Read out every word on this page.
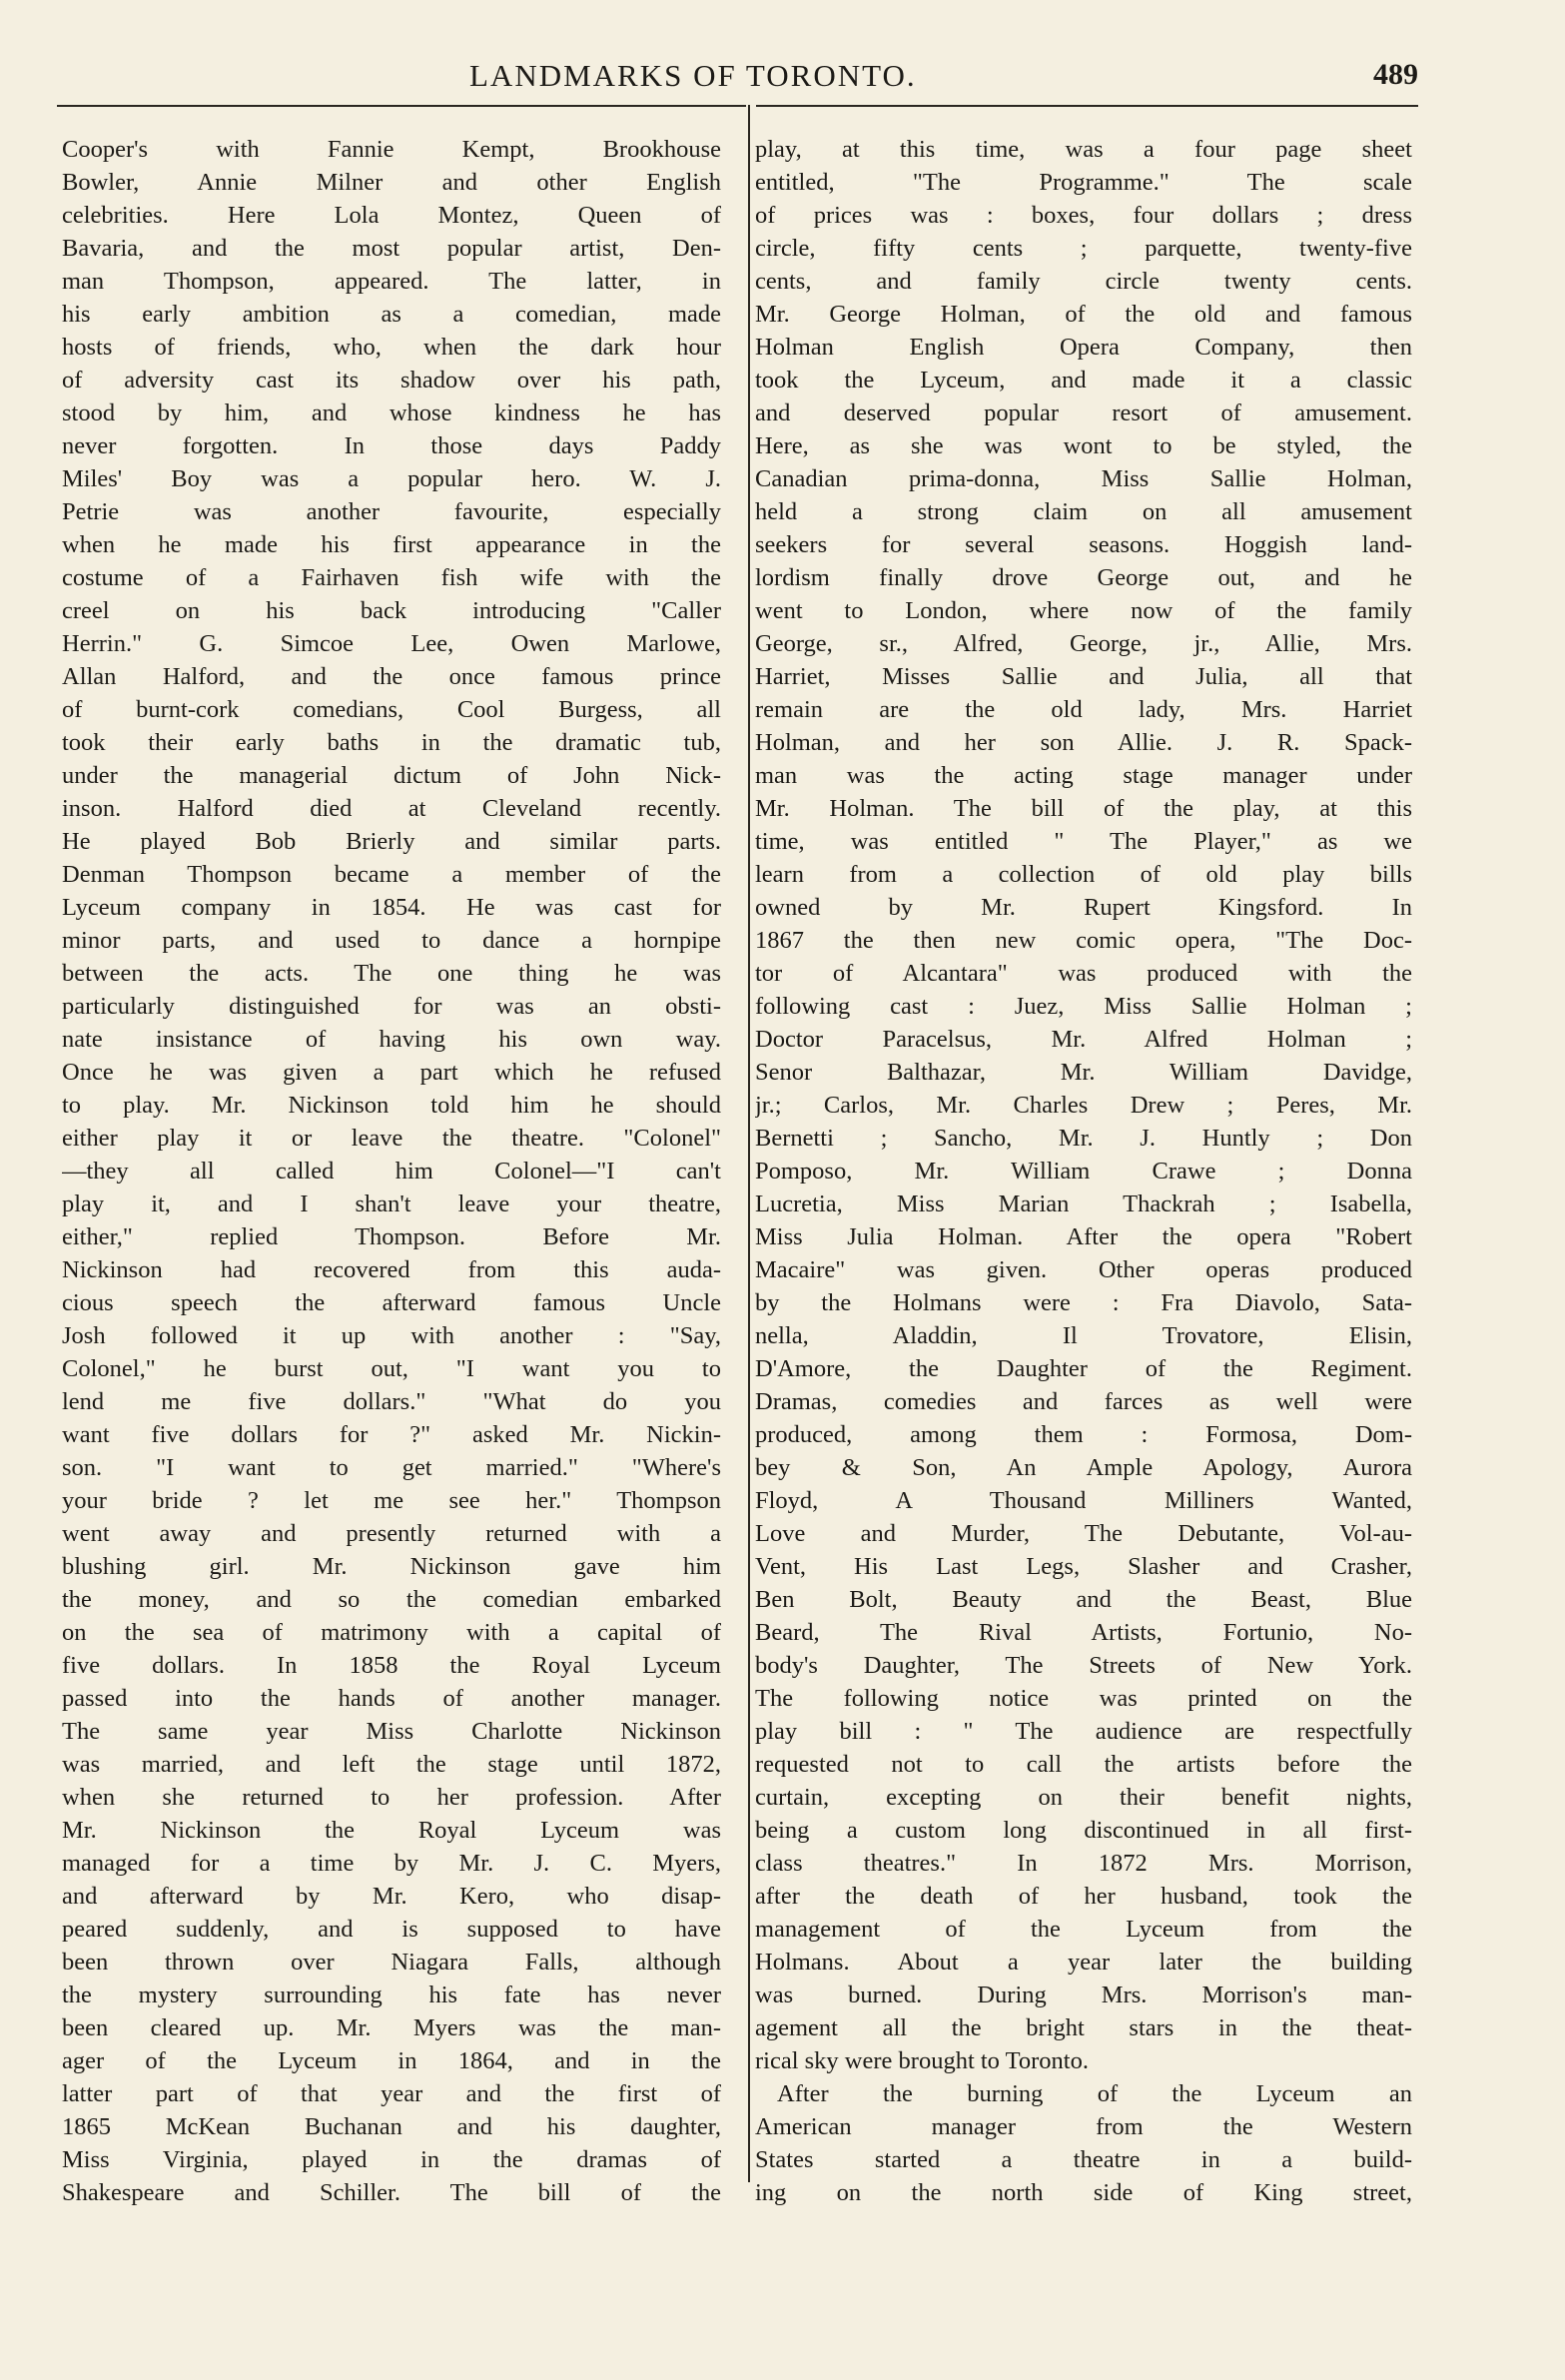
LANDMARKS OF TORONTO.	489
Cooper's with Fannie Kempt, Brookhouse
Bowler, Annie Milner and other English
celebrities. Here Lola Montez, Queen of
Bavaria, and the most popular artist, Den-
man Thompson, appeared. The latter, in
his early ambition as a comedian, made
hosts of friends, who, when the dark hour
of adversity cast its shadow over his path,
stood by him, and whose kindness he has
never forgotten. In those days Paddy
Miles' Boy was a popular hero. W. J.
Petrie was another favourite, especially
when he made his first appearance in the
costume of a Fairhaven fish wife with the
creel on his back introducing "Caller
Herrin." G. Simcoe Lee, Owen Marlowe,
Allan Halford, and the once famous prince
of burnt-cork comedians, Cool Burgess, all
took their early baths in the dramatic tub,
under the managerial dictum of John Nick-
inson. Halford died at Cleveland recently.
He played Bob Brierly and similar parts.
Denman Thompson became a member of the
Lyceum company in 1854. He was cast for
minor parts, and used to dance a hornpipe
between the acts. The one thing he was
particularly distinguished for was an obsti-
nate insistance of having his own way.
Once he was given a part which he refused
to play. Mr. Nickinson told him he should
either play it or leave the theatre. "Colonel"
—they all called him Colonel—"I can't
play it, and I shan't leave your theatre,
either," replied Thompson. Before Mr.
Nickinson had recovered from this auda-
cious speech the afterward famous Uncle
Josh followed it up with another : "Say,
Colonel," he burst out, "I want you to
lend me five dollars." "What do you
want five dollars for ?" asked Mr. Nickin-
son. "I want to get married." "Where's
your bride ? let me see her." Thompson
went away and presently returned with a
blushing girl. Mr. Nickinson gave him
the money, and so the comedian embarked
on the sea of matrimony with a capital of
five dollars. In 1858 the Royal Lyceum
passed into the hands of another manager.
The same year Miss Charlotte Nickinson
was married, and left the stage until 1872,
when she returned to her profession. After
Mr. Nickinson the Royal Lyceum was
managed for a time by Mr. J. C. Myers,
and afterward by Mr. Kero, who disap-
peared suddenly, and is supposed to have
been thrown over Niagara Falls, although
the mystery surrounding his fate has never
been cleared up. Mr. Myers was the man-
ager of the Lyceum in 1864, and in the
latter part of that year and the first of
1865 McKean Buchanan and his daughter,
Miss Virginia, played in the dramas of
Shakespeare and Schiller. The bill of the
play, at this time, was a four page sheet
entitled, "The Programme." The scale
of prices was : boxes, four dollars ; dress
circle, fifty cents ; parquette, twenty-five
cents, and family circle twenty cents.
Mr. George Holman, of the old and famous
Holman English Opera Company, then
took the Lyceum, and made it a classic
and deserved popular resort of amusement.
Here, as she was wont to be styled, the
Canadian prima-donna, Miss Sallie Holman,
held a strong claim on all amusement
seekers for several seasons. Hoggish land-
lordism finally drove George out, and he
went to London, where now of the family
George, sr., Alfred, George, jr., Allie, Mrs.
Harriet, Misses Sallie and Julia, all that
remain are the old lady, Mrs. Harriet
Holman, and her son Allie. J. R. Spack-
man was the acting stage manager under
Mr. Holman. The bill of the play, at this
time, was entitled " The Player," as we
learn from a collection of old play bills
owned by Mr. Rupert Kingsford. In
1867 the then new comic opera, "The Doc-
tor of Alcantara" was produced with the
following cast : Juez, Miss Sallie Holman ;
Doctor Paracelsus, Mr. Alfred Holman ;
Senor Balthazar, Mr. William Davidge,
jr.; Carlos, Mr. Charles Drew ; Peres, Mr.
Bernetti ; Sancho, Mr. J. Huntly ; Don
Pomposo, Mr. William Crawe ; Donna
Lucretia, Miss Marian Thackrah ; Isabella,
Miss Julia Holman. After the opera "Robert
Macaire" was given. Other operas produced
by the Holmans were : Fra Diavolo, Sata-
nella, Aladdin, Il Trovatore, Elisin,
D'Amore, the Daughter of the Regiment.
Dramas, comedies and farces as well were
produced, among them : Formosa, Dom-
bey & Son, An Ample Apology, Aurora
Floyd, A Thousand Milliners Wanted,
Love and Murder, The Debutante, Vol-au-
Vent, His Last Legs, Slasher and Crasher,
Ben Bolt, Beauty and the Beast, Blue
Beard, The Rival Artists, Fortunio, No-
body's Daughter, The Streets of New York.
The following notice was printed on the
play bill : " The audience are respectfully
requested not to call the artists before the
curtain, excepting on their benefit nights,
being a custom long discontinued in all first-
class theatres." In 1872 Mrs. Morrison,
after the death of her husband, took the
management of the Lyceum from the
Holmans. About a year later the building
was burned. During Mrs. Morrison's man-
agement all the bright stars in the theat-
rical sky were brought to Toronto.
After the burning of the Lyceum an
American manager from the Western
States started a theatre in a build-
ing on the north side of King street,
